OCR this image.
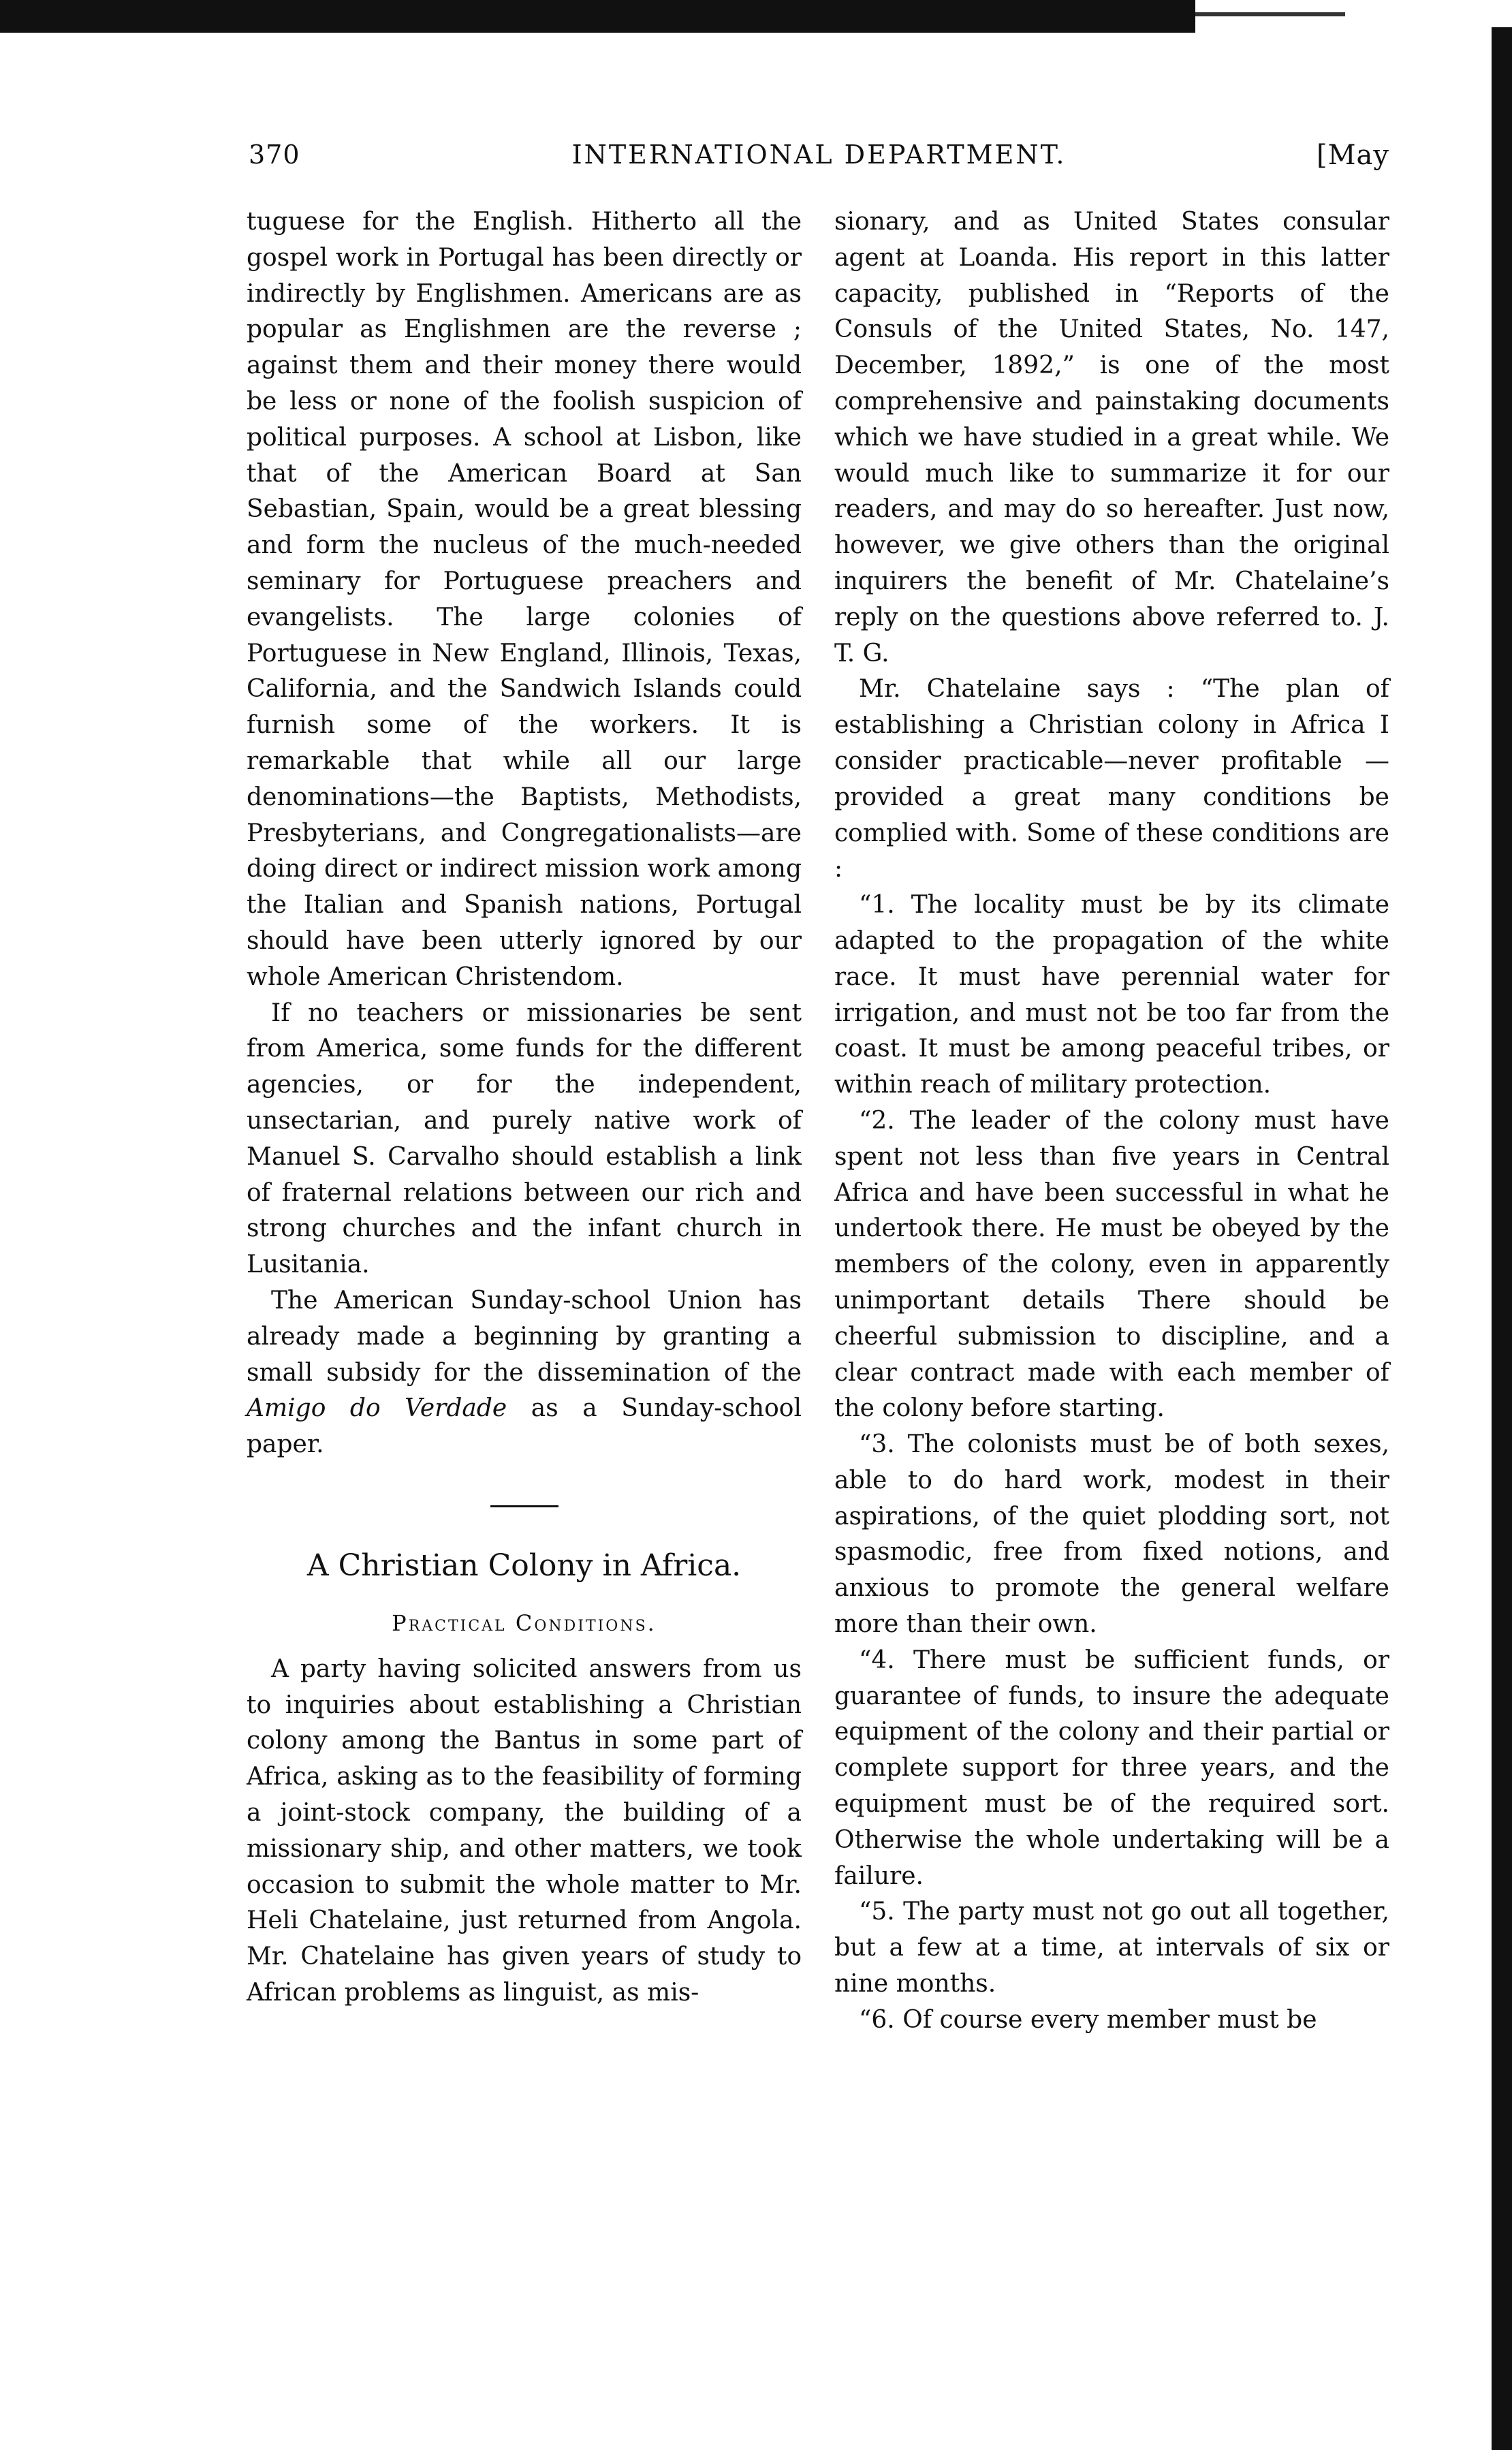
370	INTERNATIONAL DEPARTMENT.	[May

tuguese for the English. Hitherto all the gospel work in Portugal has been directly or indirectly by Englishmen. Americans are as popular as Englishmen are the reverse ; against them and their money there would be less or none of the foolish suspicion of political purposes. A school at Lisbon, like that of the American Board at San Sebastian, Spain, would be a great blessing and form the nucleus of the much-needed seminary for Portuguese preachers and evangelists. The large colonies of Portuguese in New England, Illinois, Texas, California, and the Sandwich Islands could furnish some of the workers. It is remarkable that while all our large denominations—the Baptists, Methodists, Presbyterians, and Congregationalists—are doing direct or indirect mission work among the Italian and Spanish nations, Portugal should have been utterly ignored by our whole American Christendom.

If no teachers or missionaries be sent from America, some funds for the different agencies, or for the independent, unsectarian, and purely native work of Manuel S. Carvalho should establish a link of fraternal relations between our rich and strong churches and the infant church in Lusitania.

The American Sunday-school Union has already made a beginning by granting a small subsidy for the dissemination of the Amigo do Verdade as a Sunday-school paper.

A Christian Colony in Africa.
Practical Conditions.

A party having solicited answers from us to inquiries about establishing a Christian colony among the Bantus in some part of Africa, asking as to the feasibility of forming a joint-stock company, the building of a missionary ship, and other matters, we took occasion to submit the whole matter to Mr. Heli Chatelaine, just returned from Angola. Mr. Chatelaine has given years of study to African problems as linguist, as mis-

sionary, and as United States consular agent at Loanda. His report in this latter capacity, published in “Reports of the Consuls of the United States, No. 147, December, 1892,” is one of the most comprehensive and painstaking documents which we have studied in a great while. We would much like to summarize it for our readers, and may do so hereafter. Just now, however, we give others than the original inquirers the benefit of Mr. Chatelaine’s reply on the questions above referred to. J. T. G.

Mr. Chatelaine says : “The plan of establishing a Christian colony in Africa I consider practicable—never profitable —provided a great many conditions be complied with. Some of these conditions are :

“1. The locality must be by its climate adapted to the propagation of the white race. It must have perennial water for irrigation, and must not be too far from the coast. It must be among peaceful tribes, or within reach of military protection.

“2. The leader of the colony must have spent not less than five years in Central Africa and have been successful in what he undertook there. He must be obeyed by the members of the colony, even in apparently unimportant details There should be cheerful submission to discipline, and a clear contract made with each member of the colony before starting.

“3. The colonists must be of both sexes, able to do hard work, modest in their aspirations, of the quiet plodding sort, not spasmodic, free from fixed notions, and anxious to promote the general welfare more than their own.

“4. There must be sufficient funds, or guarantee of funds, to insure the adequate equipment of the colony and their partial or complete support for three years, and the equipment must be of the required sort. Otherwise the whole undertaking will be a failure.

“5. The party must not go out all together, but a few at a time, at intervals of six or nine months.

“6. Of course every member must be
